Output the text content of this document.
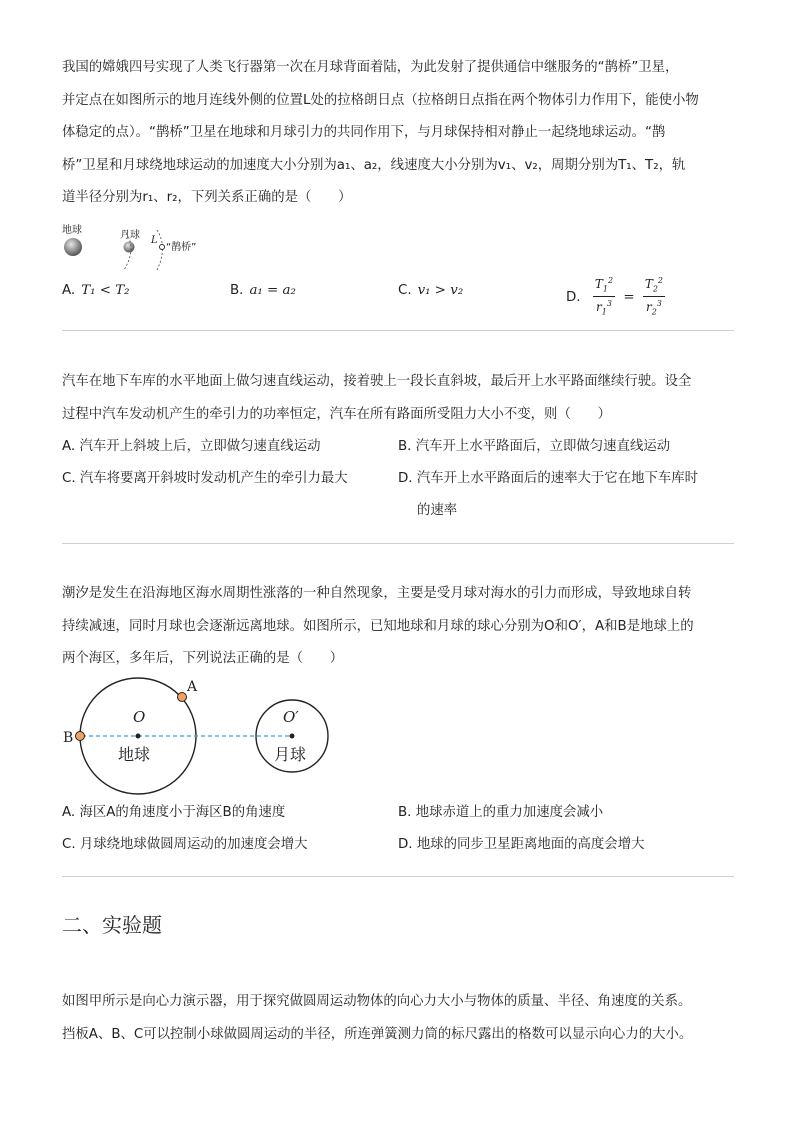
我国的嫦娥四号实现了人类飞行器第一次在月球背面着陆，为此发射了提供通信中继服务的“鹊桥”卫星，
并定点在如图所示的地月连线外侧的位置L处的拉格朗日点（拉格朗日点指在两个物体引力作用下，能使小物
体稳定的点）。“鹊桥”卫星在地球和月球引力的共同作用下，与月球保持相对静止一起绕地球运动。“鹊
桥”卫星和月球绕地球运动的加速度大小分别为a₁、a₂，线速度大小分别为v₁、v₂，周期分别为T₁、T₂，轨
道半径分别为r₁、r₂，下列关系正确的是（　　）
地球	月球 L
“鹊桥”
A. T₁ < T₂	B. a₁ = a₂	C. v₁ > v₂	D. $\frac{T_1^2}{r_1^3} = \frac{T_2^2}{r_2^3}$
汽车在地下车库的水平地面上做匀速直线运动，接着驶上一段长直斜坡，最后开上水平路面继续行驶。设全
过程中汽车发动机产生的牵引力的功率恒定，汽车在所有路面所受阻力大小不变，则（　　）
A. 汽车开上斜坡上后，立即做匀速直线运动	B. 汽车开上水平路面后，立即做匀速直线运动
C. 汽车将要离开斜坡时发动机产生的牵引力最大	D. 汽车开上水平路面后的速率大于它在地下车库时
的速率
潮汐是发生在沿海地区海水周期性涨落的一种自然现象，主要是受月球对海水的引力而形成，导致地球自转
持续减速，同时月球也会逐渐远离地球。如图所示，已知地球和月球的球心分别为O和O′，A和B是地球上的
两个海区，多年后，下列说法正确的是（　　）
A
B
O	O′
地球	月球
A. 海区A的角速度小于海区B的角速度	B. 地球赤道上的重力加速度会减小
C. 月球绕地球做圆周运动的加速度会增大	D. 地球的同步卫星距离地面的高度会增大
二、实验题
如图甲所示是向心力演示器，用于探究做圆周运动物体的向心力大小与物体的质量、半径、角速度的关系。
挡板A、B、C可以控制小球做圆周运动的半径，所连弹簧测力筒的标尺露出的格数可以显示向心力的大小。
